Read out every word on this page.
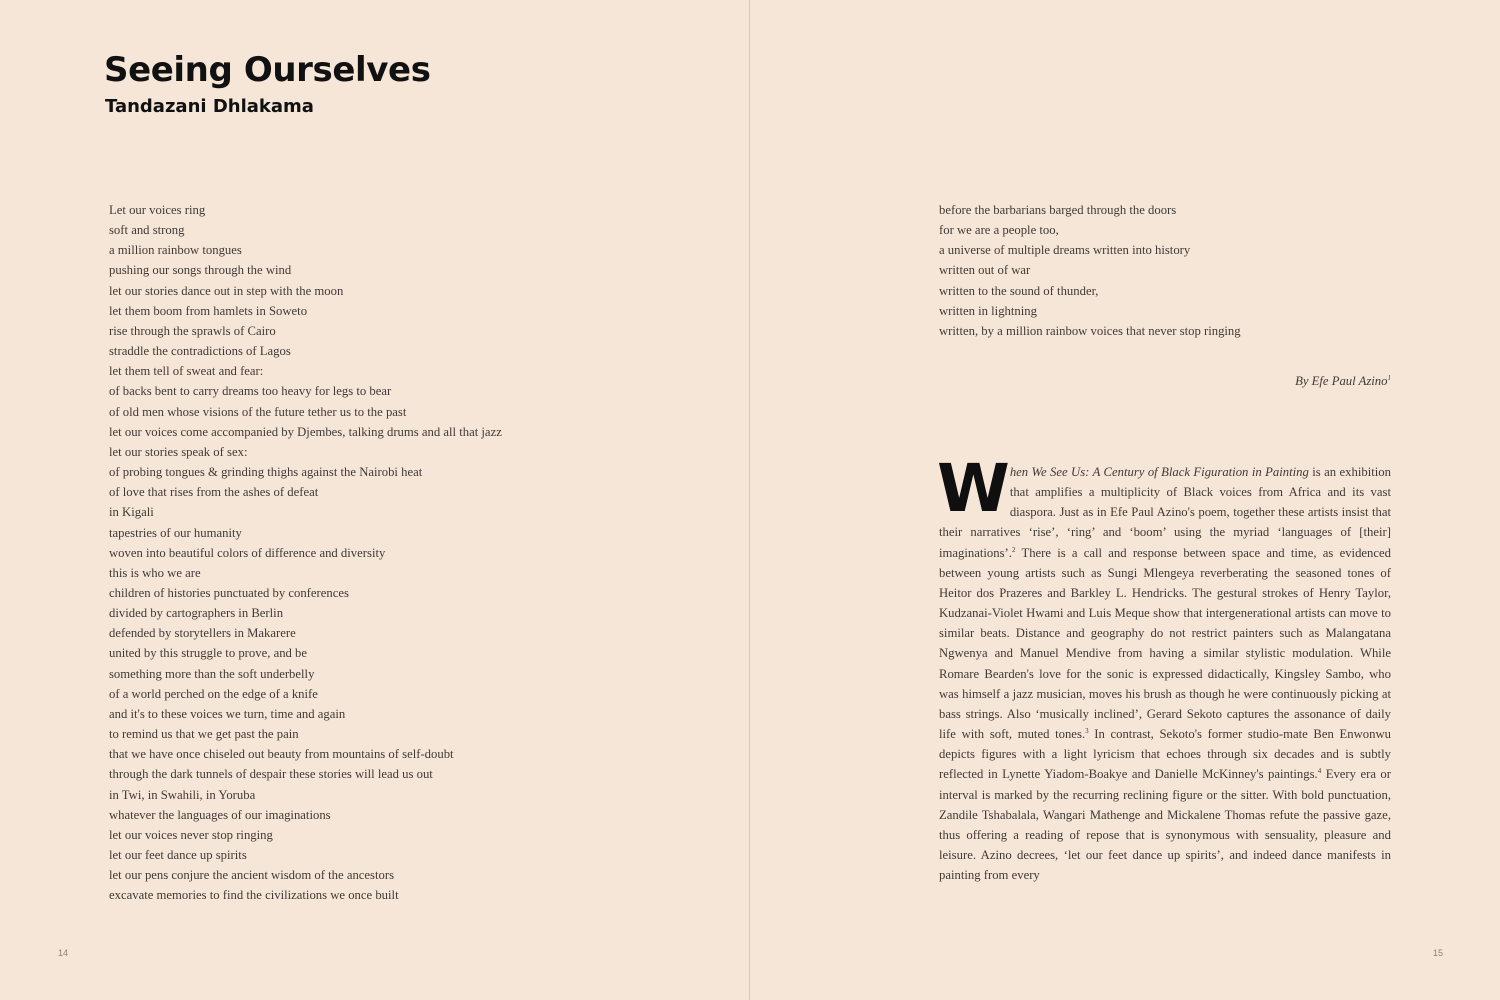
Seeing Ourselves
Tandazani Dhlakama
Let our voices ring
soft and strong
a million rainbow tongues
pushing our songs through the wind
let our stories dance out in step with the moon
let them boom from hamlets in Soweto
rise through the sprawls of Cairo
straddle the contradictions of Lagos
let them tell of sweat and fear:
of backs bent to carry dreams too heavy for legs to bear
of old men whose visions of the future tether us to the past
let our voices come accompanied by Djembes, talking drums and all that jazz
let our stories speak of sex:
of probing tongues & grinding thighs against the Nairobi heat
of love that rises from the ashes of defeat
in Kigali
tapestries of our humanity
woven into beautiful colors of difference and diversity
this is who we are
children of histories punctuated by conferences
divided by cartographers in Berlin
defended by storytellers in Makarere
united by this struggle to prove, and be
something more than the soft underbelly
of a world perched on the edge of a knife
and it's to these voices we turn, time and again
to remind us that we get past the pain
that we have once chiseled out beauty from mountains of self-doubt
through the dark tunnels of despair these stories will lead us out
in Twi, in Swahili, in Yoruba
whatever the languages of our imaginations
let our voices never stop ringing
let our feet dance up spirits
let our pens conjure the ancient wisdom of the ancestors
excavate memories to find the civilizations we once built
14
before the barbarians barged through the doors
for we are a people too,
a universe of multiple dreams written into history
written out of war
written to the sound of thunder,
written in lightning
written, by a million rainbow voices that never stop ringing
By Efe Paul Azino$^1$

When We See Us: A Century of Black Figuration in Painting is an exhibition that amplifies a multiplicity of Black voices from Africa and its vast diaspora. Just as in Efe Paul Azino's poem, together these artists insist that their narratives ‘rise’, ‘ring’ and ‘boom’ using the myriad ‘languages of [their] imaginations’.$^2$ There is a call and response between space and time, as evidenced between young artists such as Sungi Mlengeya reverberating the seasoned tones of Heitor dos Prazeres and Barkley L. Hendricks. The gestural strokes of Henry Taylor, Kudzanai-Violet Hwami and Luis Meque show that intergenerational artists can move to similar beats. Distance and geography do not restrict painters such as Malangatana Ngwenya and Manuel Mendive from having a similar stylistic modulation. While Romare Bearden's love for the sonic is expressed didactically, Kingsley Sambo, who was himself a jazz musician, moves his brush as though he were continuously picking at bass strings. Also ‘musically inclined’, Gerard Sekoto captures the assonance of daily life with soft, muted tones.$^3$ In contrast, Sekoto's former studio-mate Ben Enwonwu depicts figures with a light lyricism that echoes through six decades and is subtly reflected in Lynette Yiadom-Boakye and Danielle McKinney's paintings.$^4$ Every era or interval is marked by the recurring reclining figure or the sitter. With bold punctuation, Zandile Tshabalala, Wangari Mathenge and Mickalene Thomas refute the passive gaze, thus offering a reading of repose that is synonymous with sensuality, pleasure and leisure. Azino decrees, ‘let our feet dance up spirits’, and indeed dance manifests in painting from every

15
